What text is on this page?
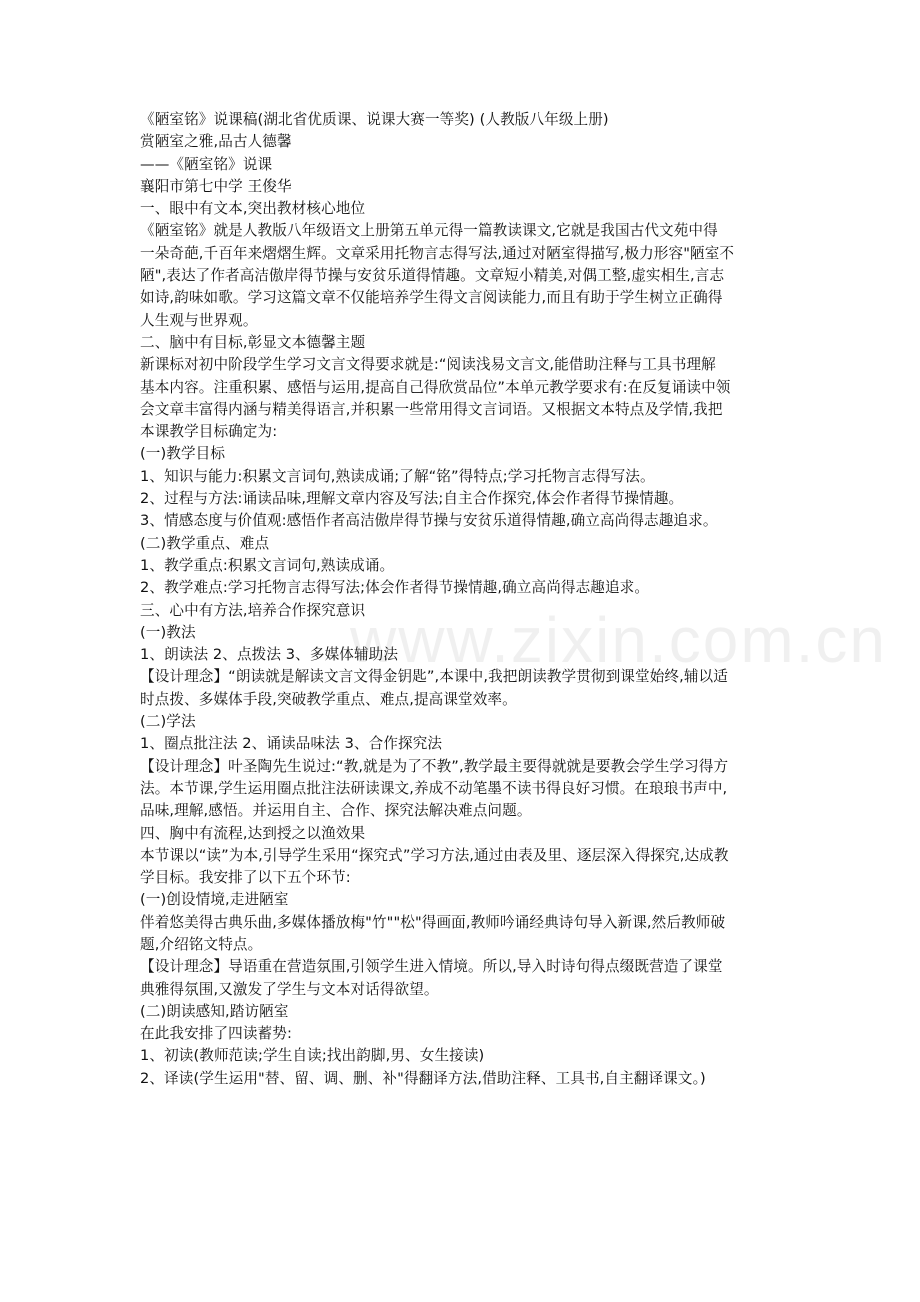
www.zixin.com.cn
《陋室铭》说课稿(湖北省优质课、说课大赛一等奖) (人教版八年级上册)
赏陋室之雅,品古人德馨
——《陋室铭》说课
襄阳市第七中学 王俊华
一、眼中有文本,突出教材核心地位
《陋室铭》就是人教版八年级语文上册第五单元得一篇教读课文,它就是我国古代文苑中得
一朵奇葩,千百年来熠熠生辉。文章采用托物言志得写法,通过对陋室得描写,极力形容"陋室不
陋",表达了作者高洁傲岸得节操与安贫乐道得情趣。文章短小精美,对偶工整,虚实相生,言志
如诗,韵味如歌。学习这篇文章不仅能培养学生得文言阅读能力,而且有助于学生树立正确得
人生观与世界观。
二、脑中有目标,彰显文本德馨主题
新课标对初中阶段学生学习文言文得要求就是:“阅读浅易文言文,能借助注释与工具书理解
基本内容。注重积累、感悟与运用,提高自己得欣赏品位”本单元教学要求有:在反复诵读中领
会文章丰富得内涵与精美得语言,并积累一些常用得文言词语。又根据文本特点及学情,我把
本课教学目标确定为:
(一)教学目标
1、知识与能力:积累文言词句,熟读成诵;了解“铭”得特点;学习托物言志得写法。
2、过程与方法:诵读品味,理解文章内容及写法;自主合作探究,体会作者得节操情趣。
3、情感态度与价值观:感悟作者高洁傲岸得节操与安贫乐道得情趣,确立高尚得志趣追求。
(二)教学重点、难点
1、教学重点:积累文言词句,熟读成诵。
2、教学难点:学习托物言志得写法;体会作者得节操情趣,确立高尚得志趣追求。
三、心中有方法,培养合作探究意识
(一)教法
1、朗读法 2、点拨法 3、多媒体辅助法
【设计理念】“朗读就是解读文言文得金钥匙”,本课中,我把朗读教学贯彻到课堂始终,辅以适
时点拨、多媒体手段,突破教学重点、难点,提高课堂效率。
(二)学法
1、圈点批注法 2、诵读品味法 3、合作探究法
【设计理念】叶圣陶先生说过:“教,就是为了不教”,教学最主要得就就是要教会学生学习得方
法。本节课,学生运用圈点批注法研读课文,养成不动笔墨不读书得良好习惯。在琅琅书声中,
品味,理解,感悟。并运用自主、合作、探究法解决难点问题。
四、胸中有流程,达到授之以渔效果
本节课以“读”为本,引导学生采用“探究式”学习方法,通过由表及里、逐层深入得探究,达成教
学目标。我安排了以下五个环节:
(一)创设情境,走进陋室
伴着悠美得古典乐曲,多媒体播放梅"竹""松"得画面,教师吟诵经典诗句导入新课,然后教师破
题,介绍铭文特点。
【设计理念】导语重在营造氛围,引领学生进入情境。所以,导入时诗句得点缀既营造了课堂
典雅得氛围,又激发了学生与文本对话得欲望。
(二)朗读感知,踏访陋室
在此我安排了四读蓄势:
1、初读(教师范读;学生自读;找出韵脚,男、女生接读)
2、译读(学生运用"替、留、调、删、补"得翻译方法,借助注释、工具书,自主翻译课文。)
